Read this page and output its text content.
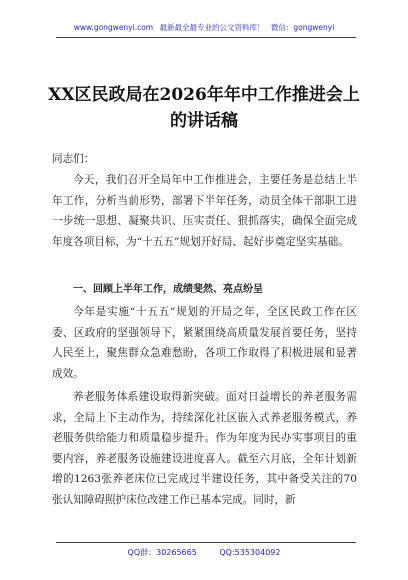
www.gongwenyi.com 最新最全最专业的公文资料库！ 微信：gongwenyi
XX区民政局在2026年年中工作推进会上的讲话稿
同志们：
今天，我们召开全局年中工作推进会，主要任务是总结上半年工作，分析当前形势，部署下半年任务，动员全体干部职工进一步统一思想、凝聚共识、压实责任、狠抓落实，确保全面完成年度各项目标，为“十五五”规划开好局、起好步奠定坚实基础。
一、回顾上半年工作，成绩斐然、亮点纷呈
今年是实施“十五五”规划的开局之年，全区民政工作在区委、区政府的坚强领导下，紧紧围绕高质量发展首要任务，坚持人民至上，聚焦群众急难愁盼，各项工作取得了积极进展和显著成效。
养老服务体系建设取得新突破。面对日益增长的养老服务需求，全局上下主动作为，持续深化社区嵌入式养老服务模式，养老服务供给能力和质量稳步提升。作为年度为民办实事项目的重要内容，养老服务设施建设进度喜人。截至六月底，全年计划新增的1263张养老床位已完成过半建设任务，其中备受关注的70张认知障碍照护床位改建工作已基本完成。同时，新
QQ群：30265665	QQ:535304092
